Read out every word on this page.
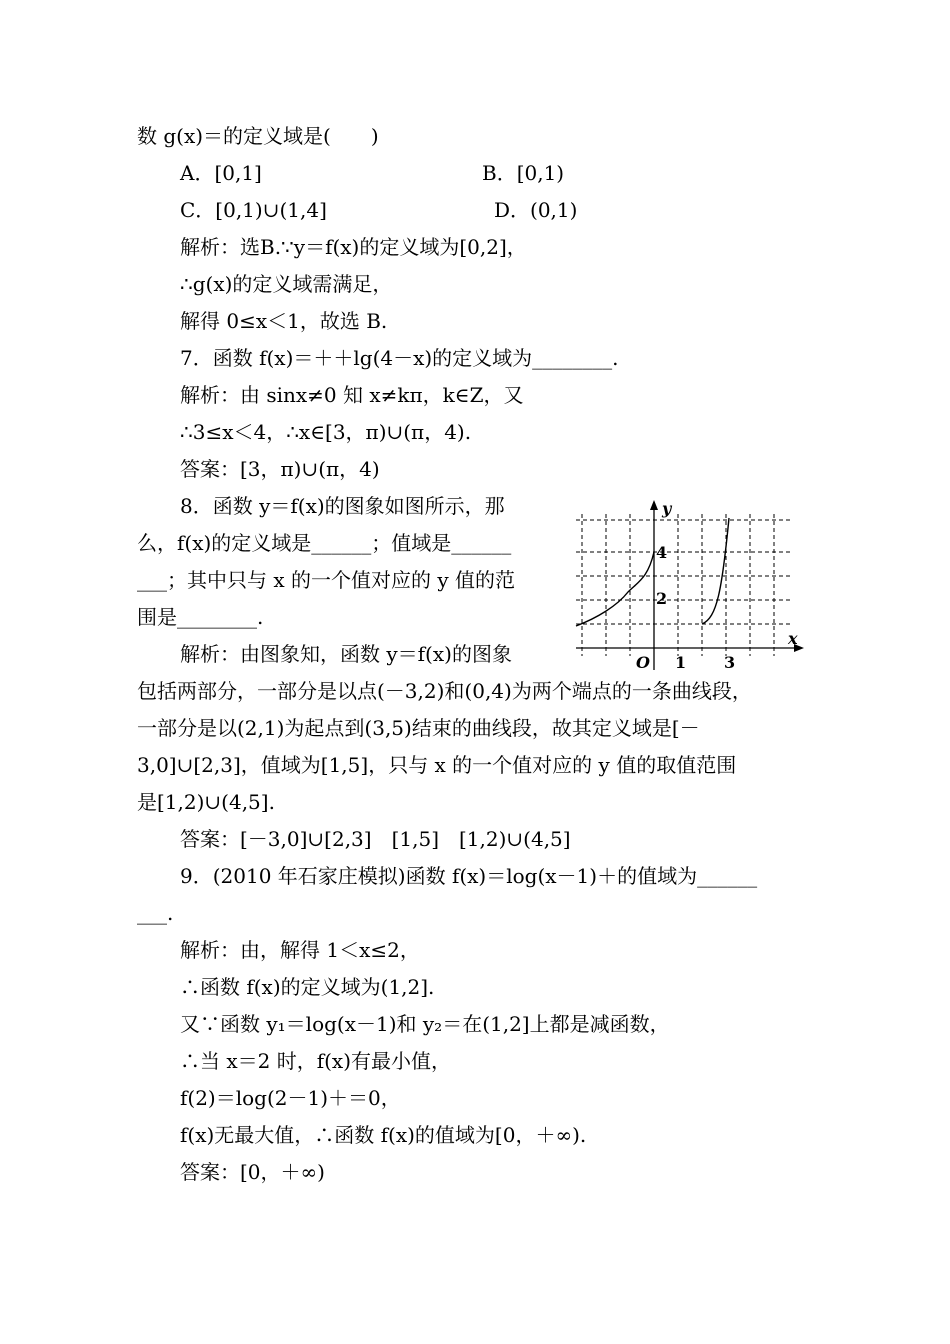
数 g(x)＝的定义域是(　　)
A．[0,1]	B．[0,1)
C．[0,1)∪(1,4]	D．(0,1)
解析：选B.∵y＝f(x)的定义域为[0,2]，
∴g(x)的定义域需满足，
解得 0≤x＜1，故选 B.
7．函数 f(x)＝＋＋lg(4－x)的定义域为________.
解析：由 sinx≠0 知 x≠kπ，k∈Z，又
∴3≤x＜4，∴x∈[3，π)∪(π，4).
答案：[3，π)∪(π，4)
8．函数 y＝f(x)的图象如图所示，那
么，f(x)的定义域是______；值域是______
___；其中只与 x 的一个值对应的 y 值的范
围是________.
解析：由图象知，函数 y＝f(x)的图象
包括两部分，一部分是以点(－3,2)和(0,4)为两个端点的一条曲线段，
一部分是以(2,1)为起点到(3,5)结束的曲线段，故其定义域是[－
3,0]∪[2,3]，值域为[1,5]，只与 x 的一个值对应的 y 值的取值范围
是[1,2)∪(4,5].
答案：[－3,0]∪[2,3]　[1,5]　[1,2)∪(4,5]
y
x
O 1 3
2
4
9．(2010 年石家庄模拟)函数 f(x)＝log(x－1)＋的值域为______
___.
解析：由，解得 1＜x≤2，
∴函数 f(x)的定义域为(1,2].
又∵函数 y₁＝log(x－1)和 y₂＝在(1,2]上都是减函数，
∴当 x＝2 时，f(x)有最小值，
f(2)＝log(2－1)＋＝0，
f(x)无最大值，∴函数 f(x)的值域为[0，＋∞).
答案：[0，＋∞)
